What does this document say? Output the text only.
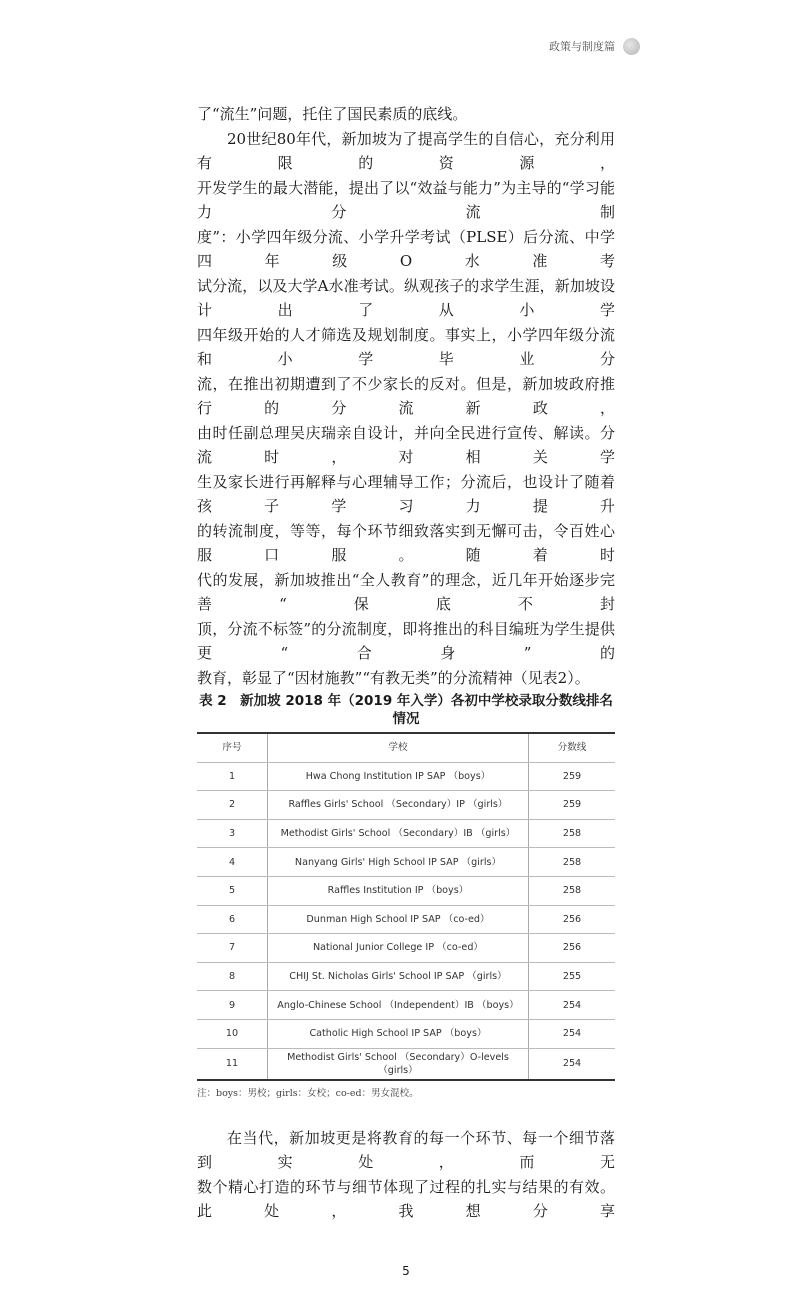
政策与制度篇
了“流生”问题，托住了国民素质的底线。
20世纪80年代，新加坡为了提高学生的自信心，充分利用有限的资源，
开发学生的最大潜能，提出了以“效益与能力”为主导的“学习能力分流制
度”：小学四年级分流、小学升学考试（PLSE）后分流、中学四年级O水准考
试分流，以及大学A水准考试。纵观孩子的求学生涯，新加坡设计出了从小学
四年级开始的人才筛选及规划制度。事实上，小学四年级分流和小学毕业分
流，在推出初期遭到了不少家长的反对。但是，新加坡政府推行的分流新政，
由时任副总理吴庆瑞亲自设计，并向全民进行宣传、解读。分流时，对相关学
生及家长进行再解释与心理辅导工作；分流后，也设计了随着孩子学习力提升
的转流制度，等等，每个环节细致落实到无懈可击，令百姓心服口服。随着时
代的发展，新加坡推出“全人教育”的理念，近几年开始逐步完善“保底不封
顶，分流不标签”的分流制度，即将推出的科目编班为学生提供更“合身”的
教育，彰显了“因材施教”“有教无类”的分流精神（见表2）。
表 2　新加坡 2018 年（2019 年入学）各初中学校录取分数线排名情况
序号	学校	分数线
1	Hwa Chong Institution IP SAP （boys）	259
2	Raffles Girls' School （Secondary）IP （girls）	259
3	Methodist Girls' School （Secondary）IB （girls）	258
4	Nanyang Girls' High School IP SAP （girls）	258
5	Raffles Institution IP （boys）	258
6	Dunman High School IP SAP （co-ed）	256
7	National Junior College IP （co-ed）	256
8	CHIJ St. Nicholas Girls' School IP SAP （girls）	255
9	Anglo-Chinese School （Independent）IB （boys）	254
10	Catholic High School IP SAP （boys）	254
11	Methodist Girls' School （Secondary）O-levels （girls）	254
注：boys：男校；girls：女校；co-ed：男女混校。
在当代，新加坡更是将教育的每一个环节、每一个细节落到实处，而无
数个精心打造的环节与细节体现了过程的扎实与结果的有效。此处，我想分享
5
